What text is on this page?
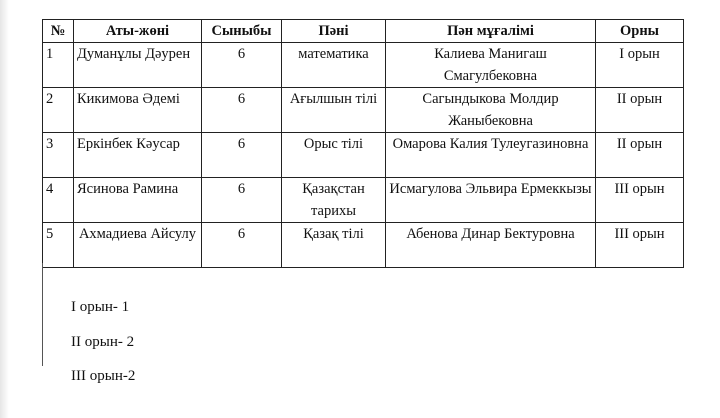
№	Аты-жөні	Сыныбы	Пәні	Пән мұғалімі	Орны
1	Думанұлы Дәурен	6	математика	Калиева Манигаш Смагулбековна	I орын
2	Кикимова Әдемі	6	Ағылшын тілі	Сагындыкова Молдир Жаныбековна	II орын
3	Еркінбек Кәусар	6	Орыс тілі	Омарова Калия Тулеугазиновна	II орын
4	Ясинова Рамина	6	Қазақстан тарихы	Исмагулова Эльвира Ермеккызы	III орын
5	Ахмадиева Айсулу	6	Қазақ тілі	Абенова Динар Бектуровна	III орын
I орын- 1
II орын- 2
III орын-2
